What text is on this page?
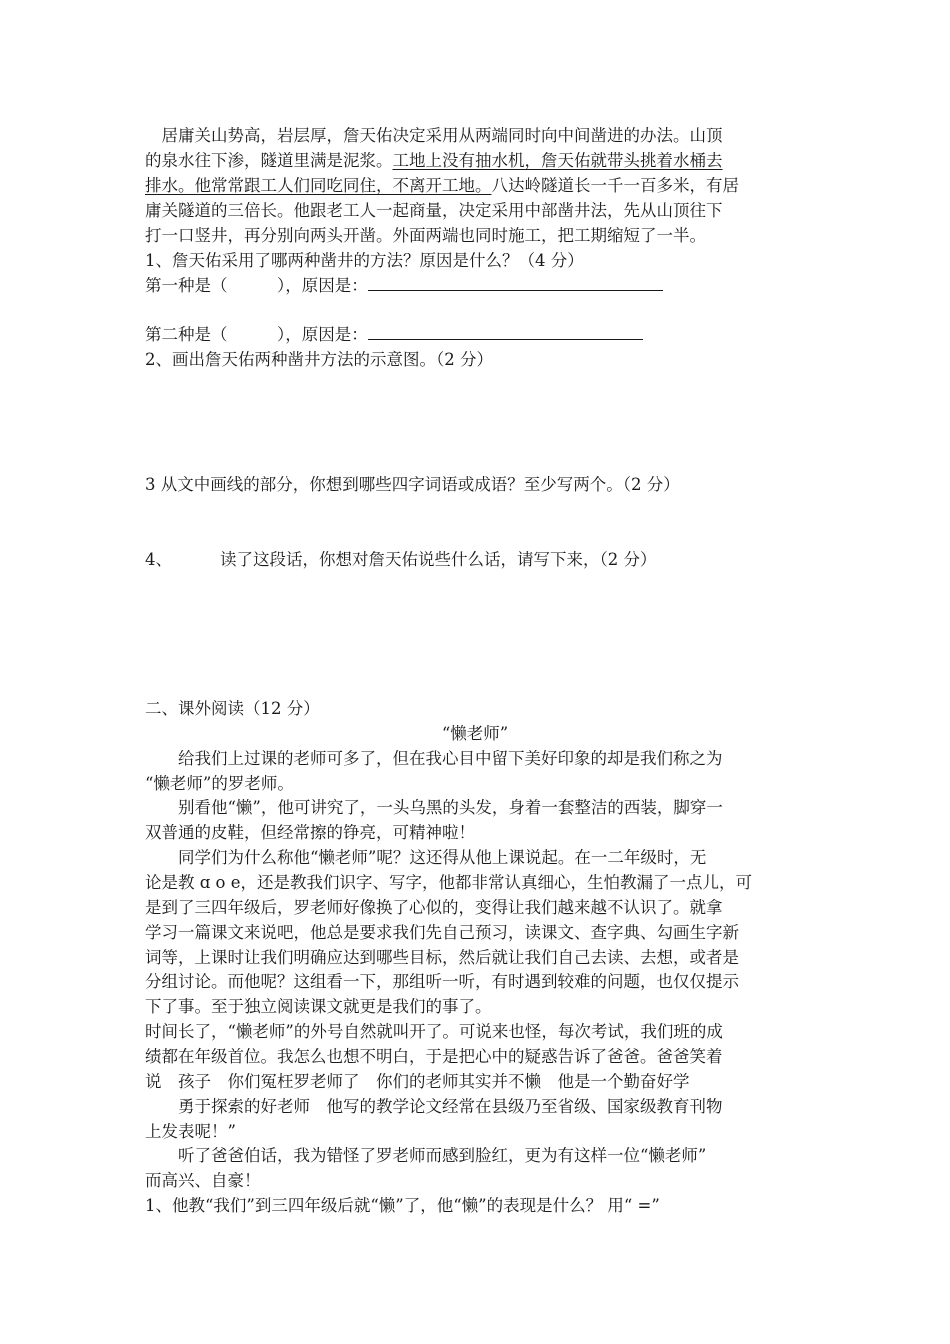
　居庸关山势高，岩层厚，詹天佑决定采用从两端同时向中间凿进的办法。山顶
的泉水往下渗，隧道里满是泥浆。工地上没有抽水机，詹天佑就带头挑着水桶去
排水。他常常跟工人们同吃同住，不离开工地。八达岭隧道长一千一百多米，有居
庸关隧道的三倍长。他跟老工人一起商量，决定采用中部凿井法，先从山顶往下
打一口竖井，再分别向两头开凿。外面两端也同时施工，把工期缩短了一半。
1、詹天佑采用了哪两种凿井的方法？原因是什么？（4 分）
第一种是（　　　），原因是：
第二种是（　　　），原因是：
2、画出詹天佑两种凿井方法的示意图。（2 分）
3 从文中画线的部分，你想到哪些四字词语或成语？至少写两个。（2 分）
4、	读了这段话，你想对詹天佑说些什么话，请写下来，（2 分）
二、课外阅读（12 分）
“懒老师”
　　给我们上过课的老师可多了，但在我心目中留下美好印象的却是我们称之为
“懒老师”的罗老师。
　　别看他“懒”，他可讲究了，一头乌黑的头发，身着一套整洁的西装，脚穿一
双普通的皮鞋，但经常擦的铮亮，可精神啦！
　　同学们为什么称他“懒老师”呢？这还得从他上课说起。在一二年级时，无
论是教 ɑ o e，还是教我们识字、写字，他都非常认真细心，生怕教漏了一点儿，可
是到了三四年级后，罗老师好像换了心似的，变得让我们越来越不认识了。就拿
学习一篇课文来说吧，他总是要求我们先自己预习，读课文、查字典、勾画生字新
词等，上课时让我们明确应达到哪些目标，然后就让我们自己去读、去想，或者是
分组讨论。而他呢？这组看一下，那组听一听，有时遇到较难的问题，也仅仅提示
下了事。至于独立阅读课文就更是我们的事了。
时间长了，“懒老师”的外号自然就叫开了。可说来也怪，每次考试，我们班的成
绩都在年级首位。我怎么也想不明白，于是把心中的疑惑告诉了爸爸。爸爸笑着
说　孩子　你们冤枉罗老师了　你们的老师其实并不懒　他是一个勤奋好学
　　勇于探索的好老师　他写的教学论文经常在县级乃至省级、国家级教育刊物
上发表呢！”
　　听了爸爸伯话，我为错怪了罗老师而感到脸红，更为有这样一位“懒老师”
而高兴、自豪！
1、他教“我们”到三四年级后就“懒”了，他“懒”的表现是什么？ 用“ =”
